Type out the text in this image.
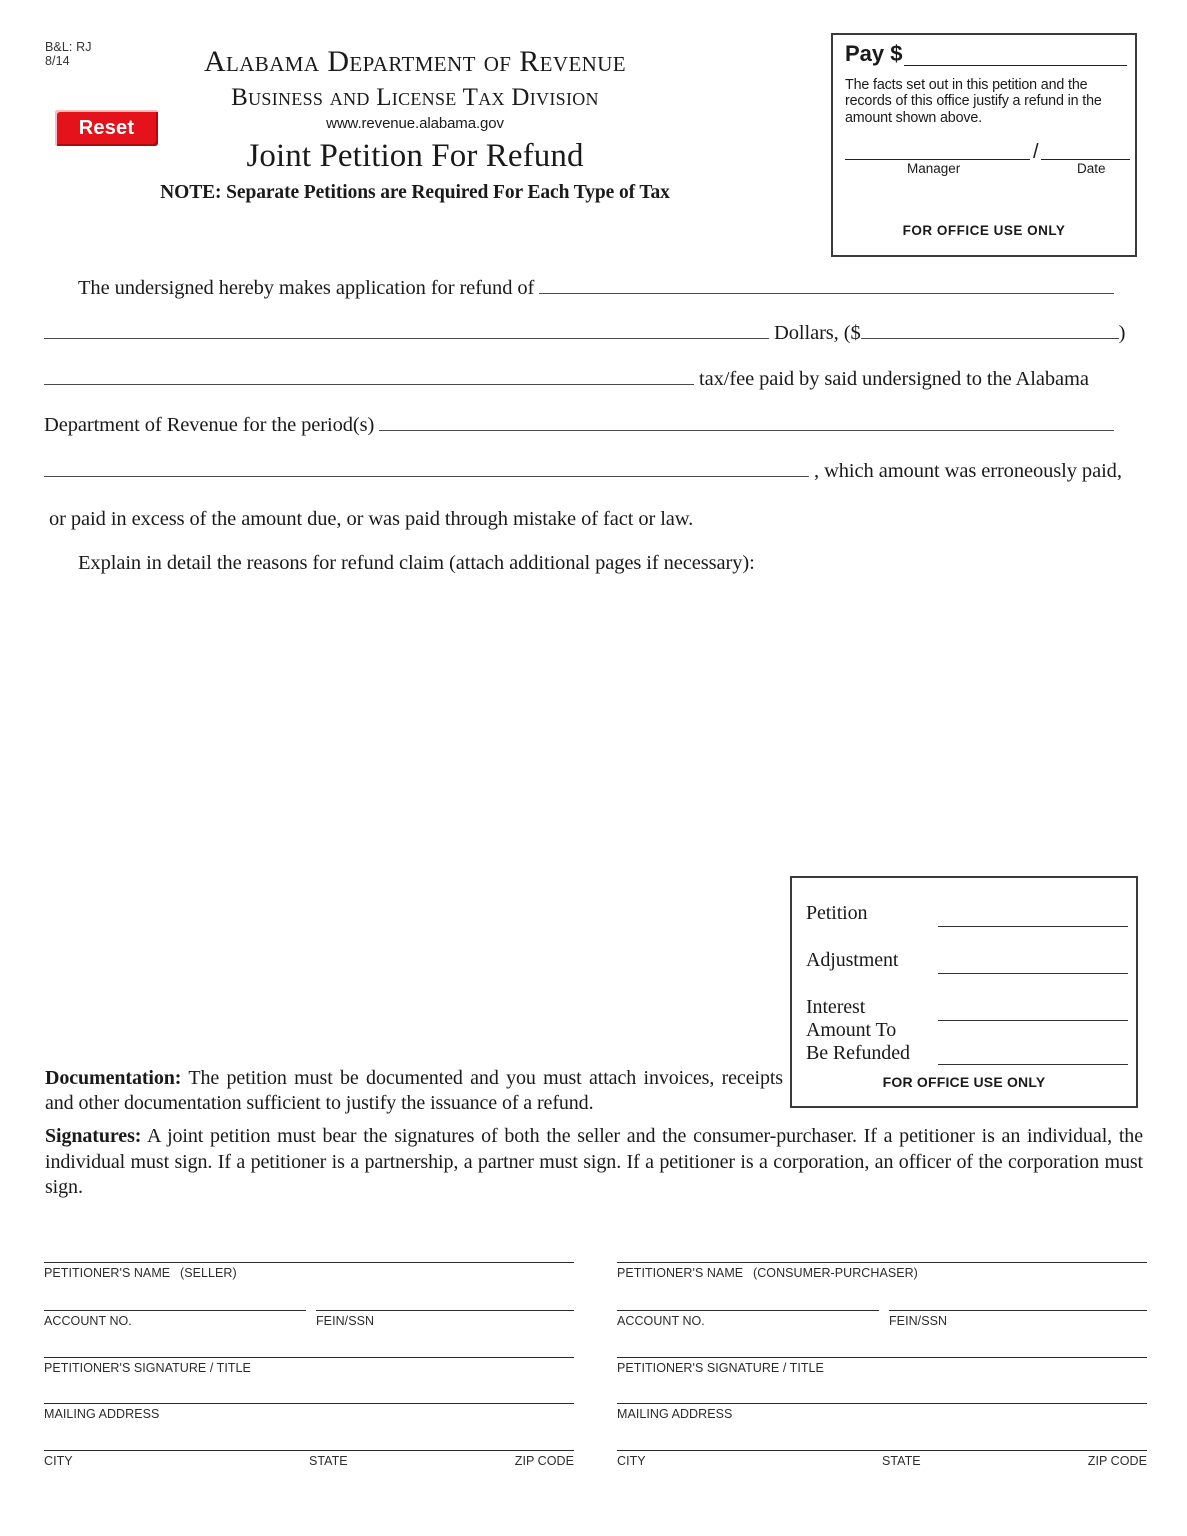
B&L: RJ
8/14
Reset
Alabama Department of Revenue
Business and License Tax Division
www.revenue.alabama.gov
Joint Petition For Refund
NOTE: Separate Petitions are Required For Each Type of Tax
Pay $
The facts set out in this petition and the records of this office justify a refund in the amount shown above.
/
Manager	Date
FOR OFFICE USE ONLY
The undersigned hereby makes application for refund of
Dollars, ($	)
tax/fee paid by said undersigned to the Alabama
Department of Revenue for the period(s)
, which amount was erroneously paid,
or paid in excess of the amount due, or was paid through mistake of fact or law.
Explain in detail the reasons for refund claim (attach additional pages if necessary):
Petition
Adjustment
Interest
Amount To
Be Refunded
FOR OFFICE USE ONLY
Documentation: The petition must be documented and you must attach invoices, receipts and other documentation sufficient to justify the issuance of a refund.
Signatures: A joint petition must bear the signatures of both the seller and the consumer-purchaser. If a petitioner is an individual, the individual must sign. If a petitioner is a partnership, a partner must sign. If a petitioner is a corporation, an officer of the corporation must sign.
PETITIONER'S NAME (SELLER)
ACCOUNT NO.	FEIN/SSN
PETITIONER'S SIGNATURE / TITLE
MAILING ADDRESS
CITY	STATE	ZIP CODE
PETITIONER'S NAME (CONSUMER-PURCHASER)
ACCOUNT NO.	FEIN/SSN
PETITIONER'S SIGNATURE / TITLE
MAILING ADDRESS
CITY	STATE	ZIP CODE
